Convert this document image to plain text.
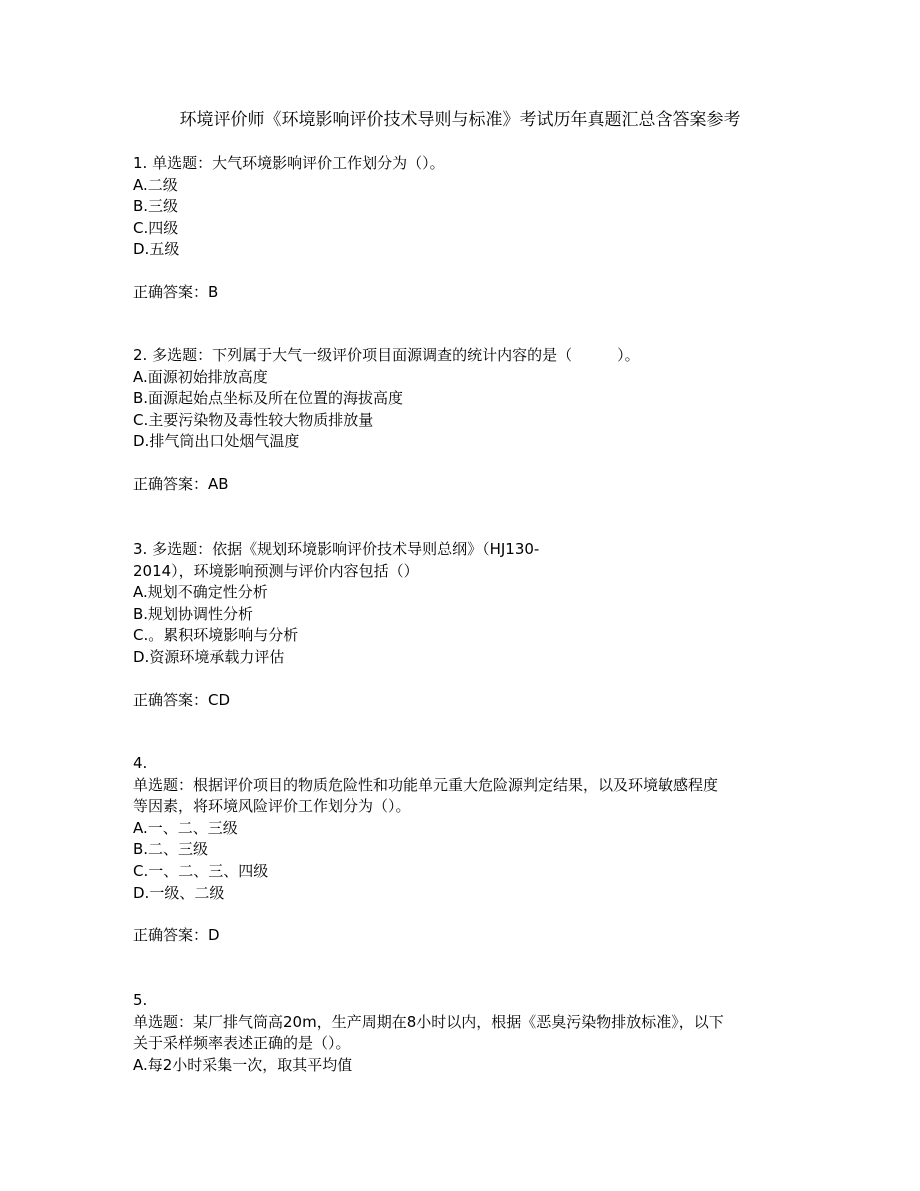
环境评价师《环境影响评价技术导则与标准》考试历年真题汇总含答案参考
1. 单选题：大气环境影响评价工作划分为（）。
A.二级
B.三级
C.四级
D.五级
正确答案：B
2. 多选题：下列属于大气一级评价项目面源调查的统计内容的是（　　　）。
A.面源初始排放高度
B.面源起始点坐标及所在位置的海拔高度
C.主要污染物及毒性较大物质排放量
D.排气筒出口处烟气温度
正确答案：AB
3. 多选题：依据《规划环境影响评价技术导则总纲》（HJ130-
2014），环境影响预测与评价内容包括（）
A.规划不确定性分析
B.规划协调性分析
C.。累积环境影响与分析
D.资源环境承载力评估
正确答案：CD
4.
单选题：根据评价项目的物质危险性和功能单元重大危险源判定结果，以及环境敏感程度
等因素，将环境风险评价工作划分为（）。
A.一、二、三级
B.二、三级
C.一、二、三、四级
D.一级、二级
正确答案：D
5.
单选题：某厂排气筒高20m，生产周期在8小时以内，根据《恶臭污染物排放标准》，以下
关于采样频率表述正确的是（）。
A.每2小时采集一次，取其平均值
